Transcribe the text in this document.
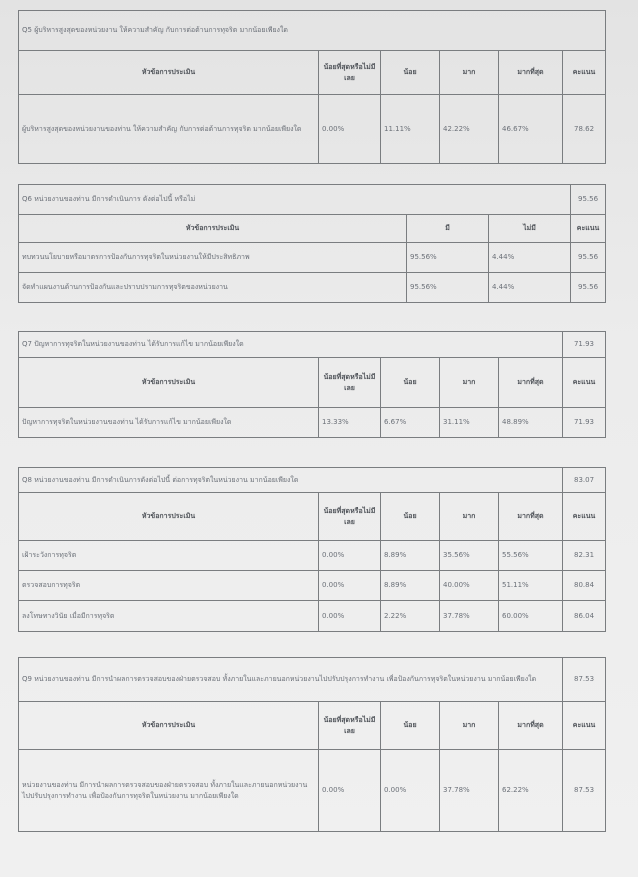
Q5 ผู้บริหารสูงสุดของหน่วยงาน ให้ความสำคัญ กับการต่อต้านการทุจริต มากน้อยเพียงใด					
หัวข้อการประเมิน	น้อยที่สุดหรือไม่มีเลย	น้อย	มาก	มากที่สุด	คะแนน
ผู้บริหารสูงสุดของหน่วยงานของท่าน ให้ความสำคัญ กับการต่อต้านการทุจริต มากน้อยเพียงใด	0.00%	11.11%	42.22%	46.67%	78.62
Q6 หน่วยงานของท่าน มีการดำเนินการ ดังต่อไปนี้ หรือไม่			95.56
หัวข้อการประเมิน	มี	ไม่มี	คะแนน
ทบทวนนโยบายหรือมาตรการป้องกันการทุจริตในหน่วยงานให้มีประสิทธิภาพ	95.56%	4.44%	95.56
จัดทำแผนงานด้านการป้องกันและปราบปรามการทุจริตของหน่วยงาน	95.56%	4.44%	95.56
Q7 ปัญหาการทุจริตในหน่วยงานของท่าน ได้รับการแก้ไข มากน้อยเพียงใด					71.93
หัวข้อการประเมิน	น้อยที่สุดหรือไม่มีเลย	น้อย	มาก	มากที่สุด	คะแนน
ปัญหาการทุจริตในหน่วยงานของท่าน ได้รับการแก้ไข มากน้อยเพียงใด	13.33%	6.67%	31.11%	48.89%	71.93
Q8 หน่วยงานของท่าน มีการดำเนินการดังต่อไปนี้ ต่อการทุจริตในหน่วยงาน มากน้อยเพียงใด					83.07
หัวข้อการประเมิน	น้อยที่สุดหรือไม่มีเลย	น้อย	มาก	มากที่สุด	คะแนน
เฝ้าระวังการทุจริต	0.00%	8.89%	35.56%	55.56%	82.31
ตรวจสอบการทุจริต	0.00%	8.89%	40.00%	51.11%	80.84
ลงโทษทางวินัย เมื่อมีการทุจริต	0.00%	2.22%	37.78%	60.00%	86.04
Q9 หน่วยงานของท่าน มีการนำผลการตรวจสอบของฝ่ายตรวจสอบ ทั้งภายในและภายนอกหน่วยงานไปปรับปรุงการทำงาน เพื่อป้องกันการทุจริตในหน่วยงาน มากน้อยเพียงใด					87.53
หัวข้อการประเมิน	น้อยที่สุดหรือไม่มีเลย	น้อย	มาก	มากที่สุด	คะแนน
หน่วยงานของท่าน มีการนำผลการตรวจสอบของฝ่ายตรวจสอบ ทั้งภายในและภายนอกหน่วยงานไปปรับปรุงการทำงาน เพื่อป้องกันการทุจริตในหน่วยงาน มากน้อยเพียงใด	0.00%	0.00%	37.78%	62.22%	87.53
